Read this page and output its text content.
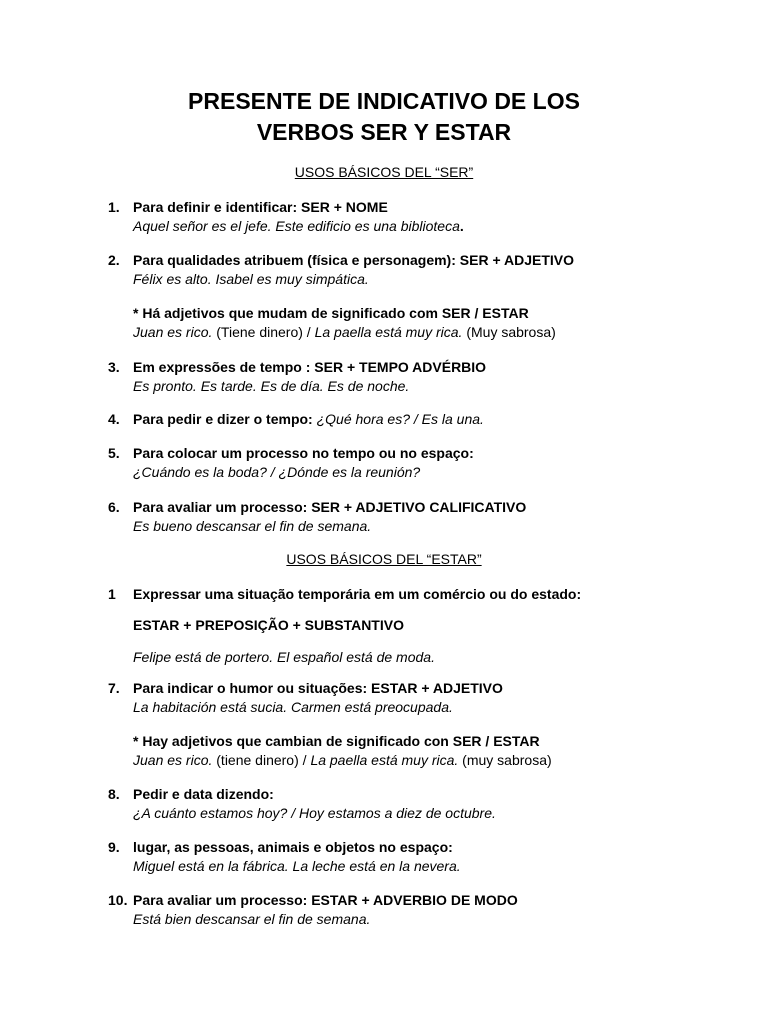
PRESENTE DE INDICATIVO DE LOS
VERBOS SER Y ESTAR
USOS BÁSICOS DEL “SER”
1. Para definir e identificar: SER + NOME
Aquel señor es el jefe. Este edificio es una biblioteca.
2. Para qualidades atribuem (física e personagem): SER + ADJETIVO
Félix es alto. Isabel es muy simpática.
* Há adjetivos que mudam de significado com SER / ESTAR
Juan es rico. (Tiene dinero) / La paella está muy rica. (Muy sabrosa)
3. Em expressões de tempo : SER + TEMPO ADVÉRBIO
Es pronto. Es tarde. Es de día. Es de noche.
4. Para pedir e dizer o tempo: ¿Qué hora es? / Es la una.
5. Para colocar um processo no tempo ou no espaço:
¿Cuándo es la boda? / ¿Dónde es la reunión?
6. Para avaliar um processo: SER + ADJETIVO CALIFICATIVO
Es bueno descansar el fin de semana.
USOS BÁSICOS DEL “ESTAR”
1 Expressar uma situação temporária em um comércio ou do estado:
ESTAR + PREPOSIÇÃO + SUBSTANTIVO
Felipe está de portero. El español está de moda.
7. Para indicar o humor ou situações: ESTAR + ADJETIVO
La habitación está sucia. Carmen está preocupada.
* Hay adjetivos que cambian de significado con SER / ESTAR
Juan es rico. (tiene dinero) / La paella está muy rica. (muy sabrosa)
8. Pedir e data dizendo:
¿A cuánto estamos hoy? / Hoy estamos a diez de octubre.
9. lugar, as pessoas, animais e objetos no espaço:
Miguel está en la fábrica. La leche está en la nevera.
10. Para avaliar um processo: ESTAR + ADVERBIO DE MODO
Está bien descansar el fin de semana.
